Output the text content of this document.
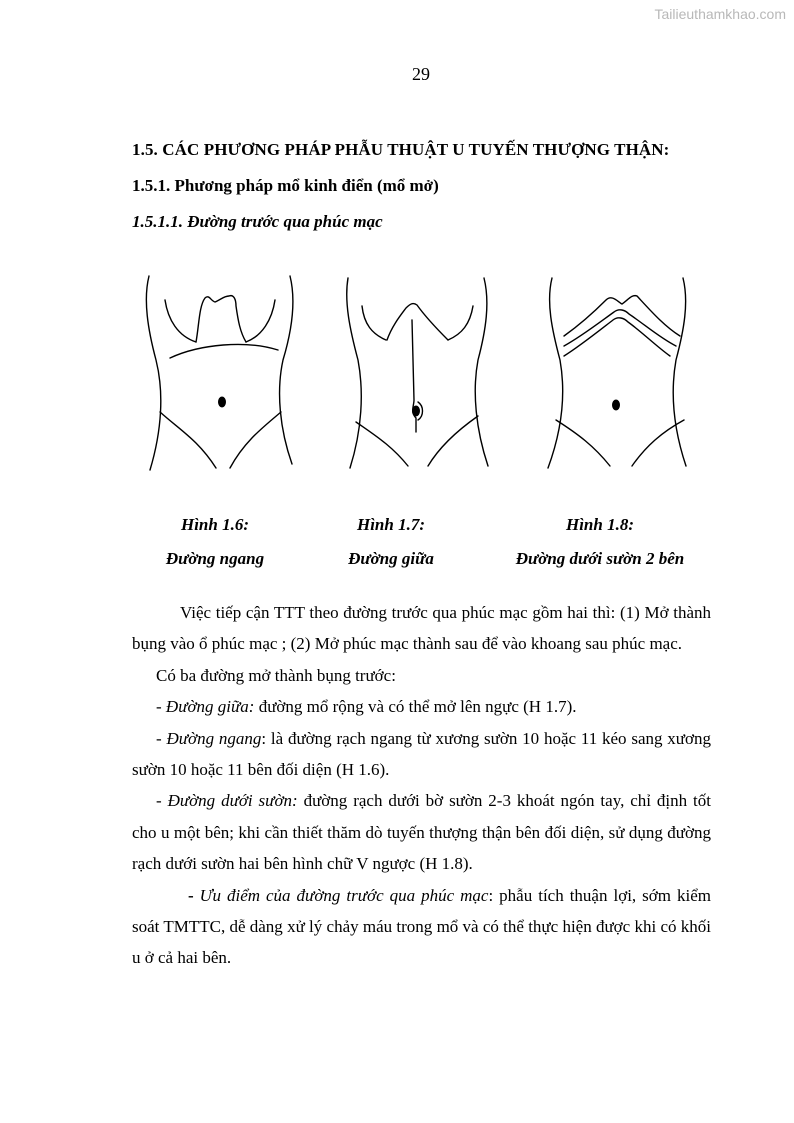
Tailieuthamkhao.com
29
1.5. CÁC PHƯƠNG PHÁP PHẪU THUẬT U TUYẾN THƯỢNG THẬN:
1.5.1. Phương pháp mổ kinh điển (mổ mở)
1.5.1.1. Đường trước qua phúc mạc
Hình 1.6:
Đường ngang
Hình 1.7:
Đường giữa
Hình 1.8:
Đường dưới sườn 2 bên

Việc tiếp cận TTT theo đường trước qua phúc mạc gồm hai thì: (1) Mở thành bụng vào ổ phúc mạc ; (2) Mở phúc mạc thành sau để vào khoang sau phúc mạc.

Có ba đường mở thành bụng trước:

- Đường giữa: đường mổ rộng và có thể mở lên ngực (H 1.7).

- Đường ngang: là đường rạch ngang từ xương sườn 10 hoặc 11 kéo sang xương sườn 10 hoặc 11 bên đối diện (H 1.6).

- Đường dưới sườn: đường rạch dưới bờ sườn 2-3 khoát ngón tay, chỉ định tốt cho u một bên; khi cần thiết thăm dò tuyến thượng thận bên đối diện, sử dụng đường rạch dưới sườn hai bên hình chữ V ngược (H 1.8).

- Ưu điểm của đường trước qua phúc mạc: phẫu tích thuận lợi, sớm kiểm soát TMTTC, dễ dàng xử lý chảy máu trong mổ và có thể thực hiện được khi có khối u ở cả hai bên.
